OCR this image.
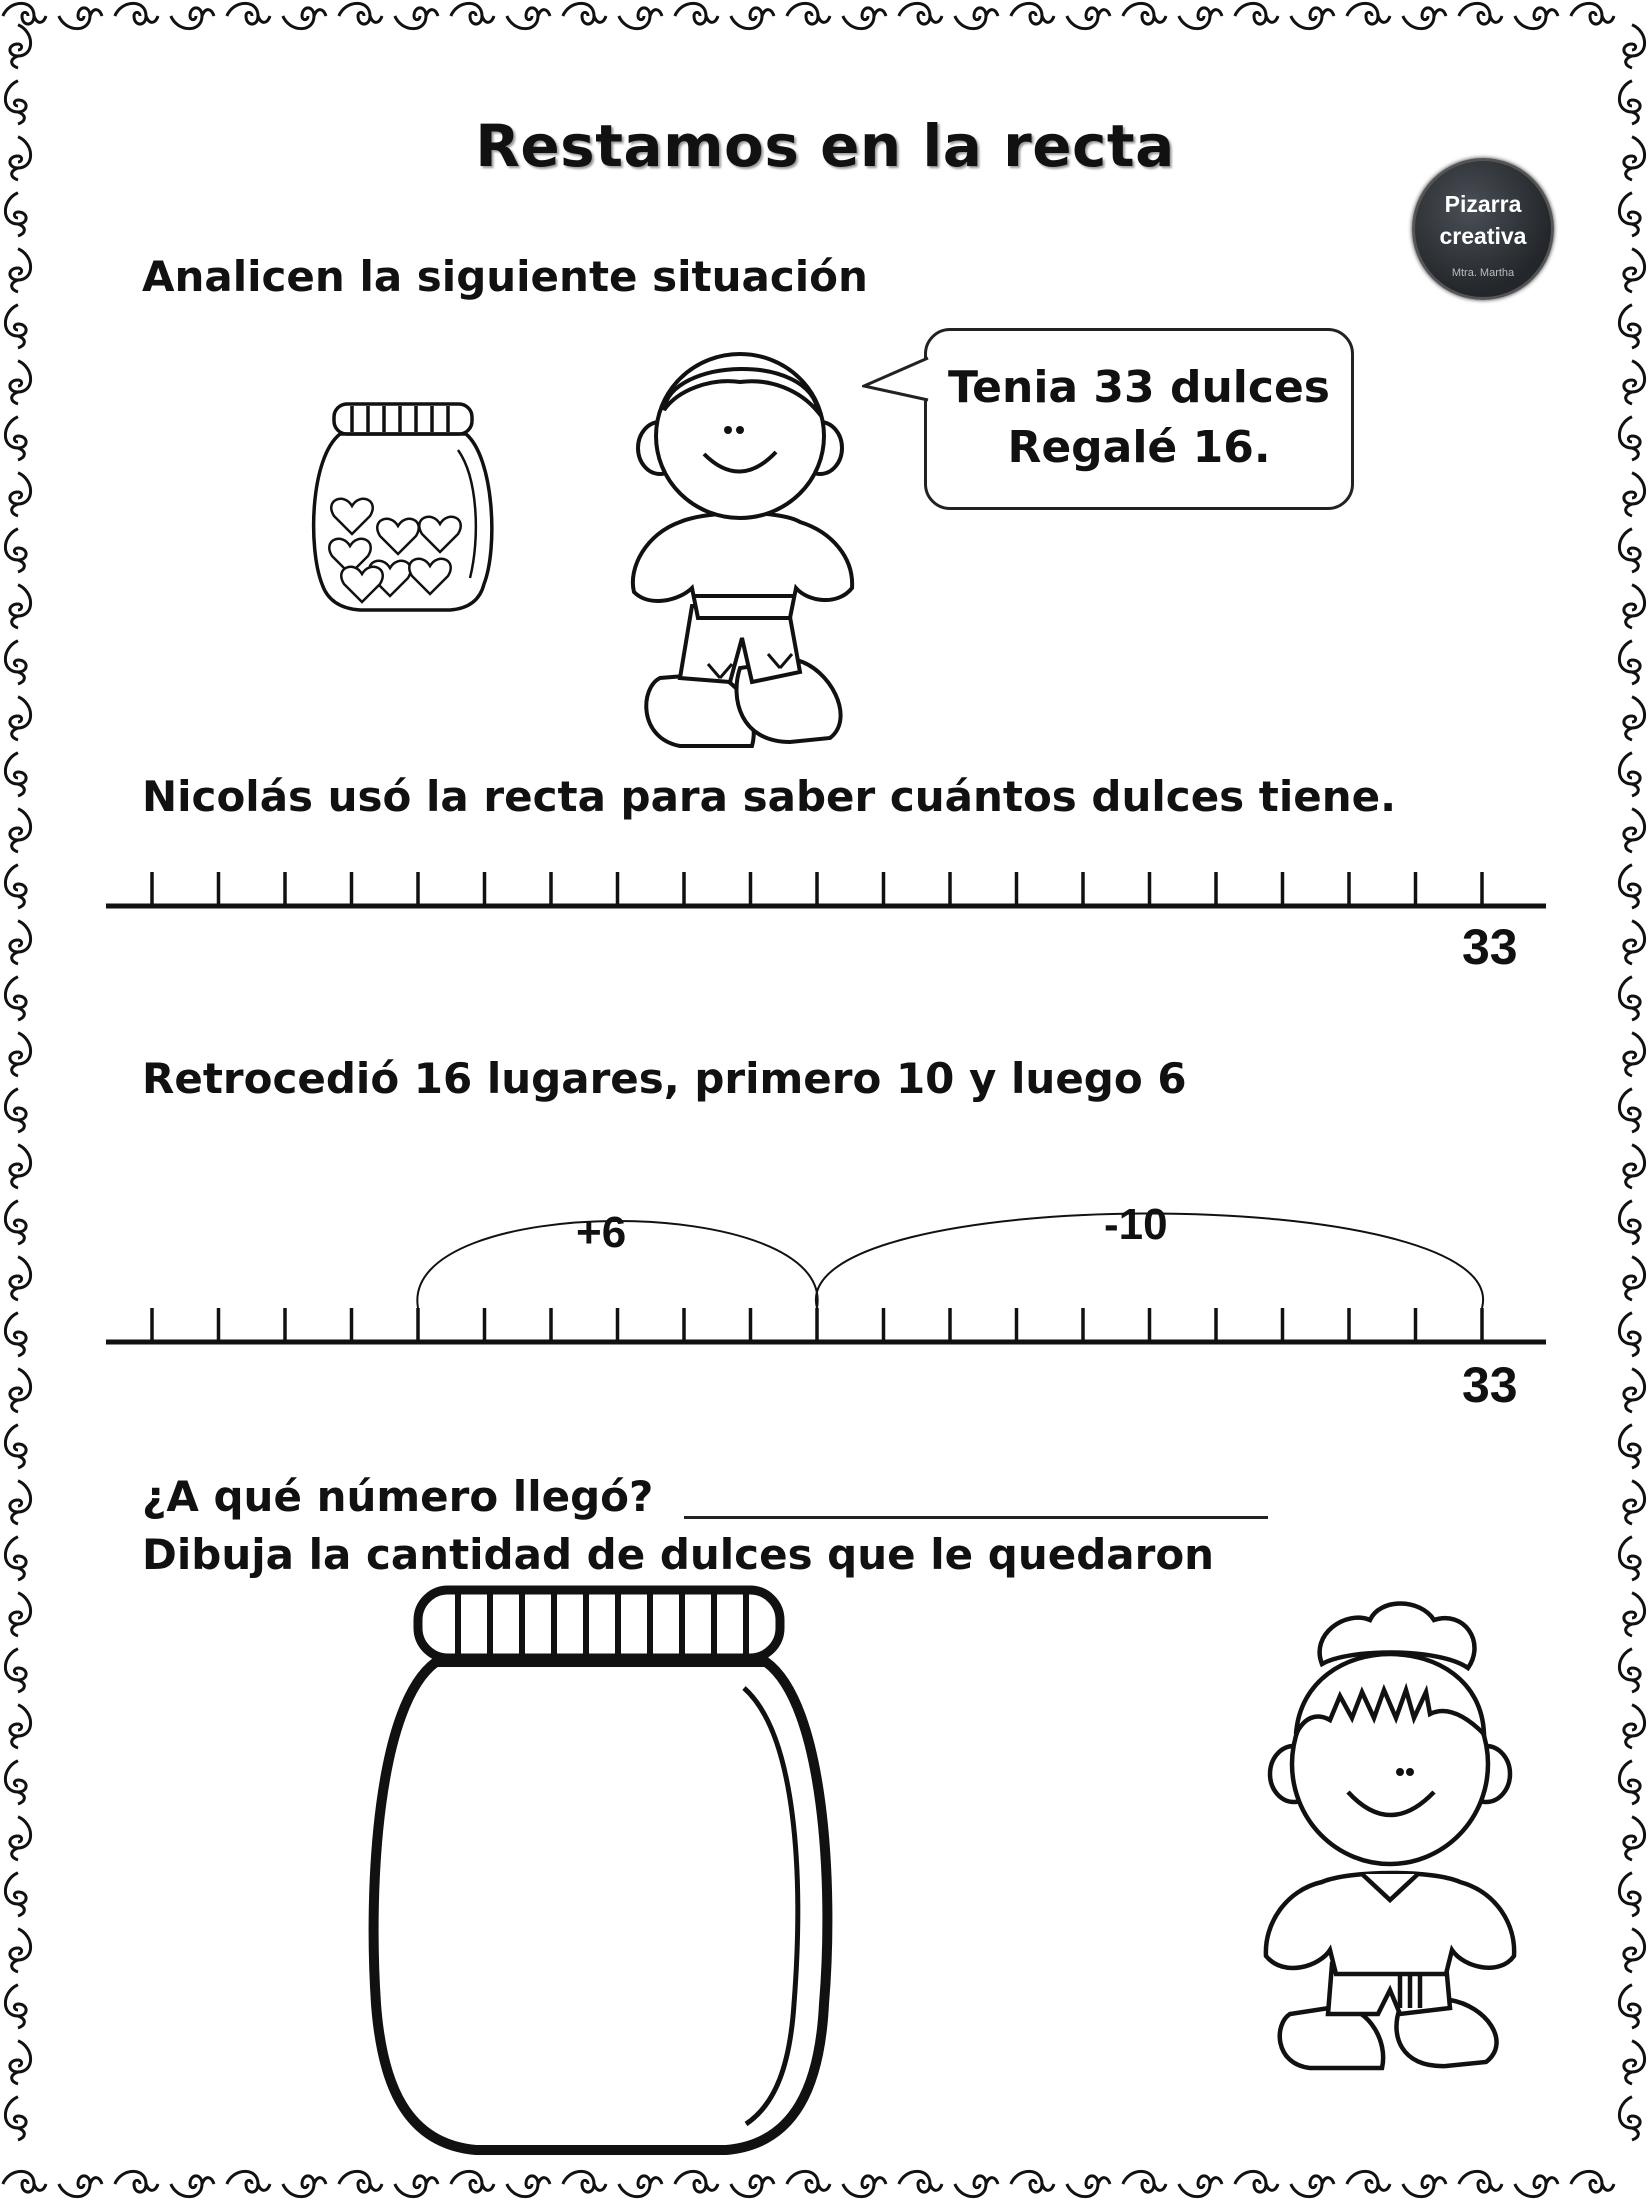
Restamos en la recta
Pizarra
creativa
Mtra. Martha
Analicen la siguiente situación
Tenia 33 dulces
Regalé 16.
Nicolás usó la recta para saber cuántos dulces tiene.
33
Retrocedió 16 lugares, primero 10 y luego 6
+6	-10
33
¿A qué número llegó?
Dibuja la cantidad de dulces que le quedaron
